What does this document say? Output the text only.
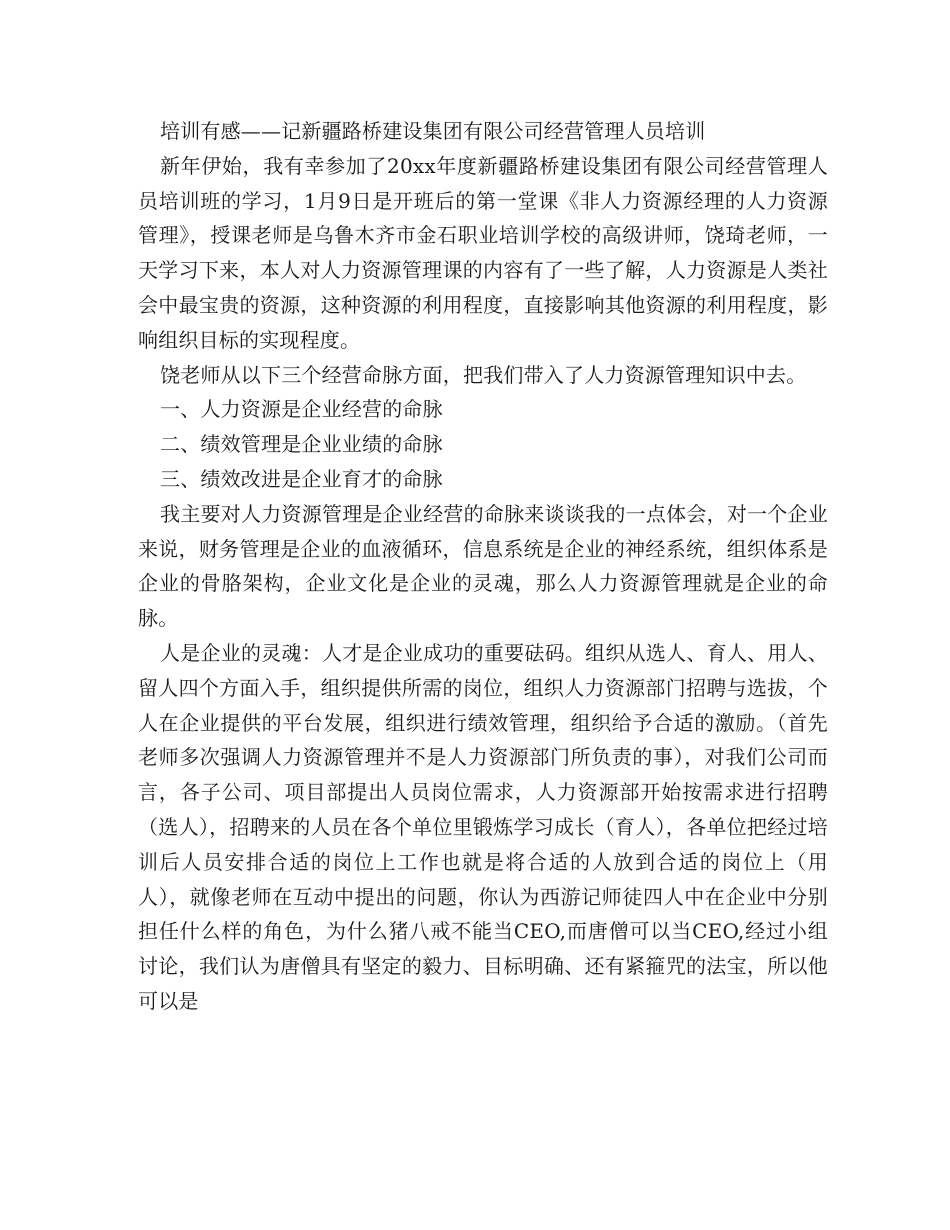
培训有感——记新疆路桥建设集团有限公司经营管理人员培训

新年伊始，我有幸参加了20xx年度新疆路桥建设集团有限公司经营管理人员培训班的学习，1月9日是开班后的第一堂课《非人力资源经理的人力资源管理》，授课老师是乌鲁木齐市金石职业培训学校的高级讲师，饶琦老师，一天学习下来，本人对人力资源管理课的内容有了一些了解，人力资源是人类社会中最宝贵的资源，这种资源的利用程度，直接影响其他资源的利用程度，影响组织目标的实现程度。

饶老师从以下三个经营命脉方面，把我们带入了人力资源管理知识中去。

一、人力资源是企业经营的命脉

二、绩效管理是企业业绩的命脉

三、绩效改进是企业育才的命脉

我主要对人力资源管理是企业经营的命脉来谈谈我的一点体会，对一个企业来说，财务管理是企业的血液循环，信息系统是企业的神经系统，组织体系是企业的骨胳架构，企业文化是企业的灵魂，那么人力资源管理就是企业的命脉。

人是企业的灵魂：人才是企业成功的重要砝码。组织从选人、育人、用人、留人四个方面入手，组织提供所需的岗位，组织人力资源部门招聘与选拔，个人在企业提供的平台发展，组织进行绩效管理，组织给予合适的激励。（首先老师多次强调人力资源管理并不是人力资源部门所负责的事），对我们公司而言，各子公司、项目部提出人员岗位需求，人力资源部开始按需求进行招聘（选人），招聘来的人员在各个单位里锻炼学习成长（育人），各单位把经过培训后人员安排合适的岗位上工作也就是将合适的人放到合适的岗位上（用人），就像老师在互动中提出的问题，你认为西游记师徒四人中在企业中分别担任什么样的角色，为什么猪八戒不能当CEO,而唐僧可以当CEO,经过小组讨论，我们认为唐僧具有坚定的毅力、目标明确、还有紧箍咒的法宝，所以他可以是
